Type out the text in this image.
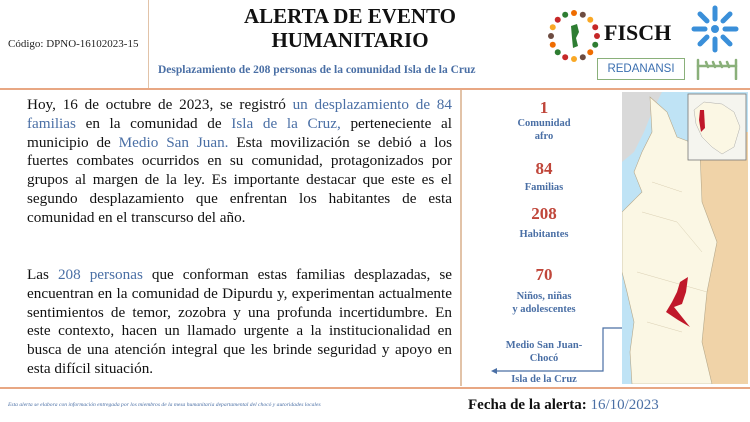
Código: DPNO-16102023-15
ALERTA DE EVENTO
HUMANITARIO
Desplazamiento de 208 personas de la comunidad Isla de la Cruz
FISCH
REDANANSI
Hoy, 16 de octubre de 2023, se registró un desplazamiento de 84 familias en la comunidad de Isla de la Cruz, perteneciente al municipio de Medio San Juan. Esta movilización se debió a los fuertes combates ocurridos en su comunidad, protagonizados por grupos al margen de la ley. Es importante destacar que este es el segundo desplazamiento que enfrentan los habitantes de esta comunidad en el transcurso del año.
Las 208 personas que conforman estas familias desplazadas, se encuentran en la comunidad de Dipurdu y, experimentan actualmente sentimientos de temor, zozobra y una profunda incertidumbre. En este contexto, hacen un llamado urgente a la institucionalidad en busca de una atención integral que les brinde seguridad y apoyo en esta difícil situación.
1
Comunidad
afro
84
Familias
208
Habitantes
70
Niños, niñas
y adolescentes
Medio San Juan-
Chocó
Isla de la Cruz
Esta alerta se elabora con información entregada por los miembros de la mesa humanitaria departamental del chocó y autoridades locales	Fecha de la alerta: 16/10/2023
